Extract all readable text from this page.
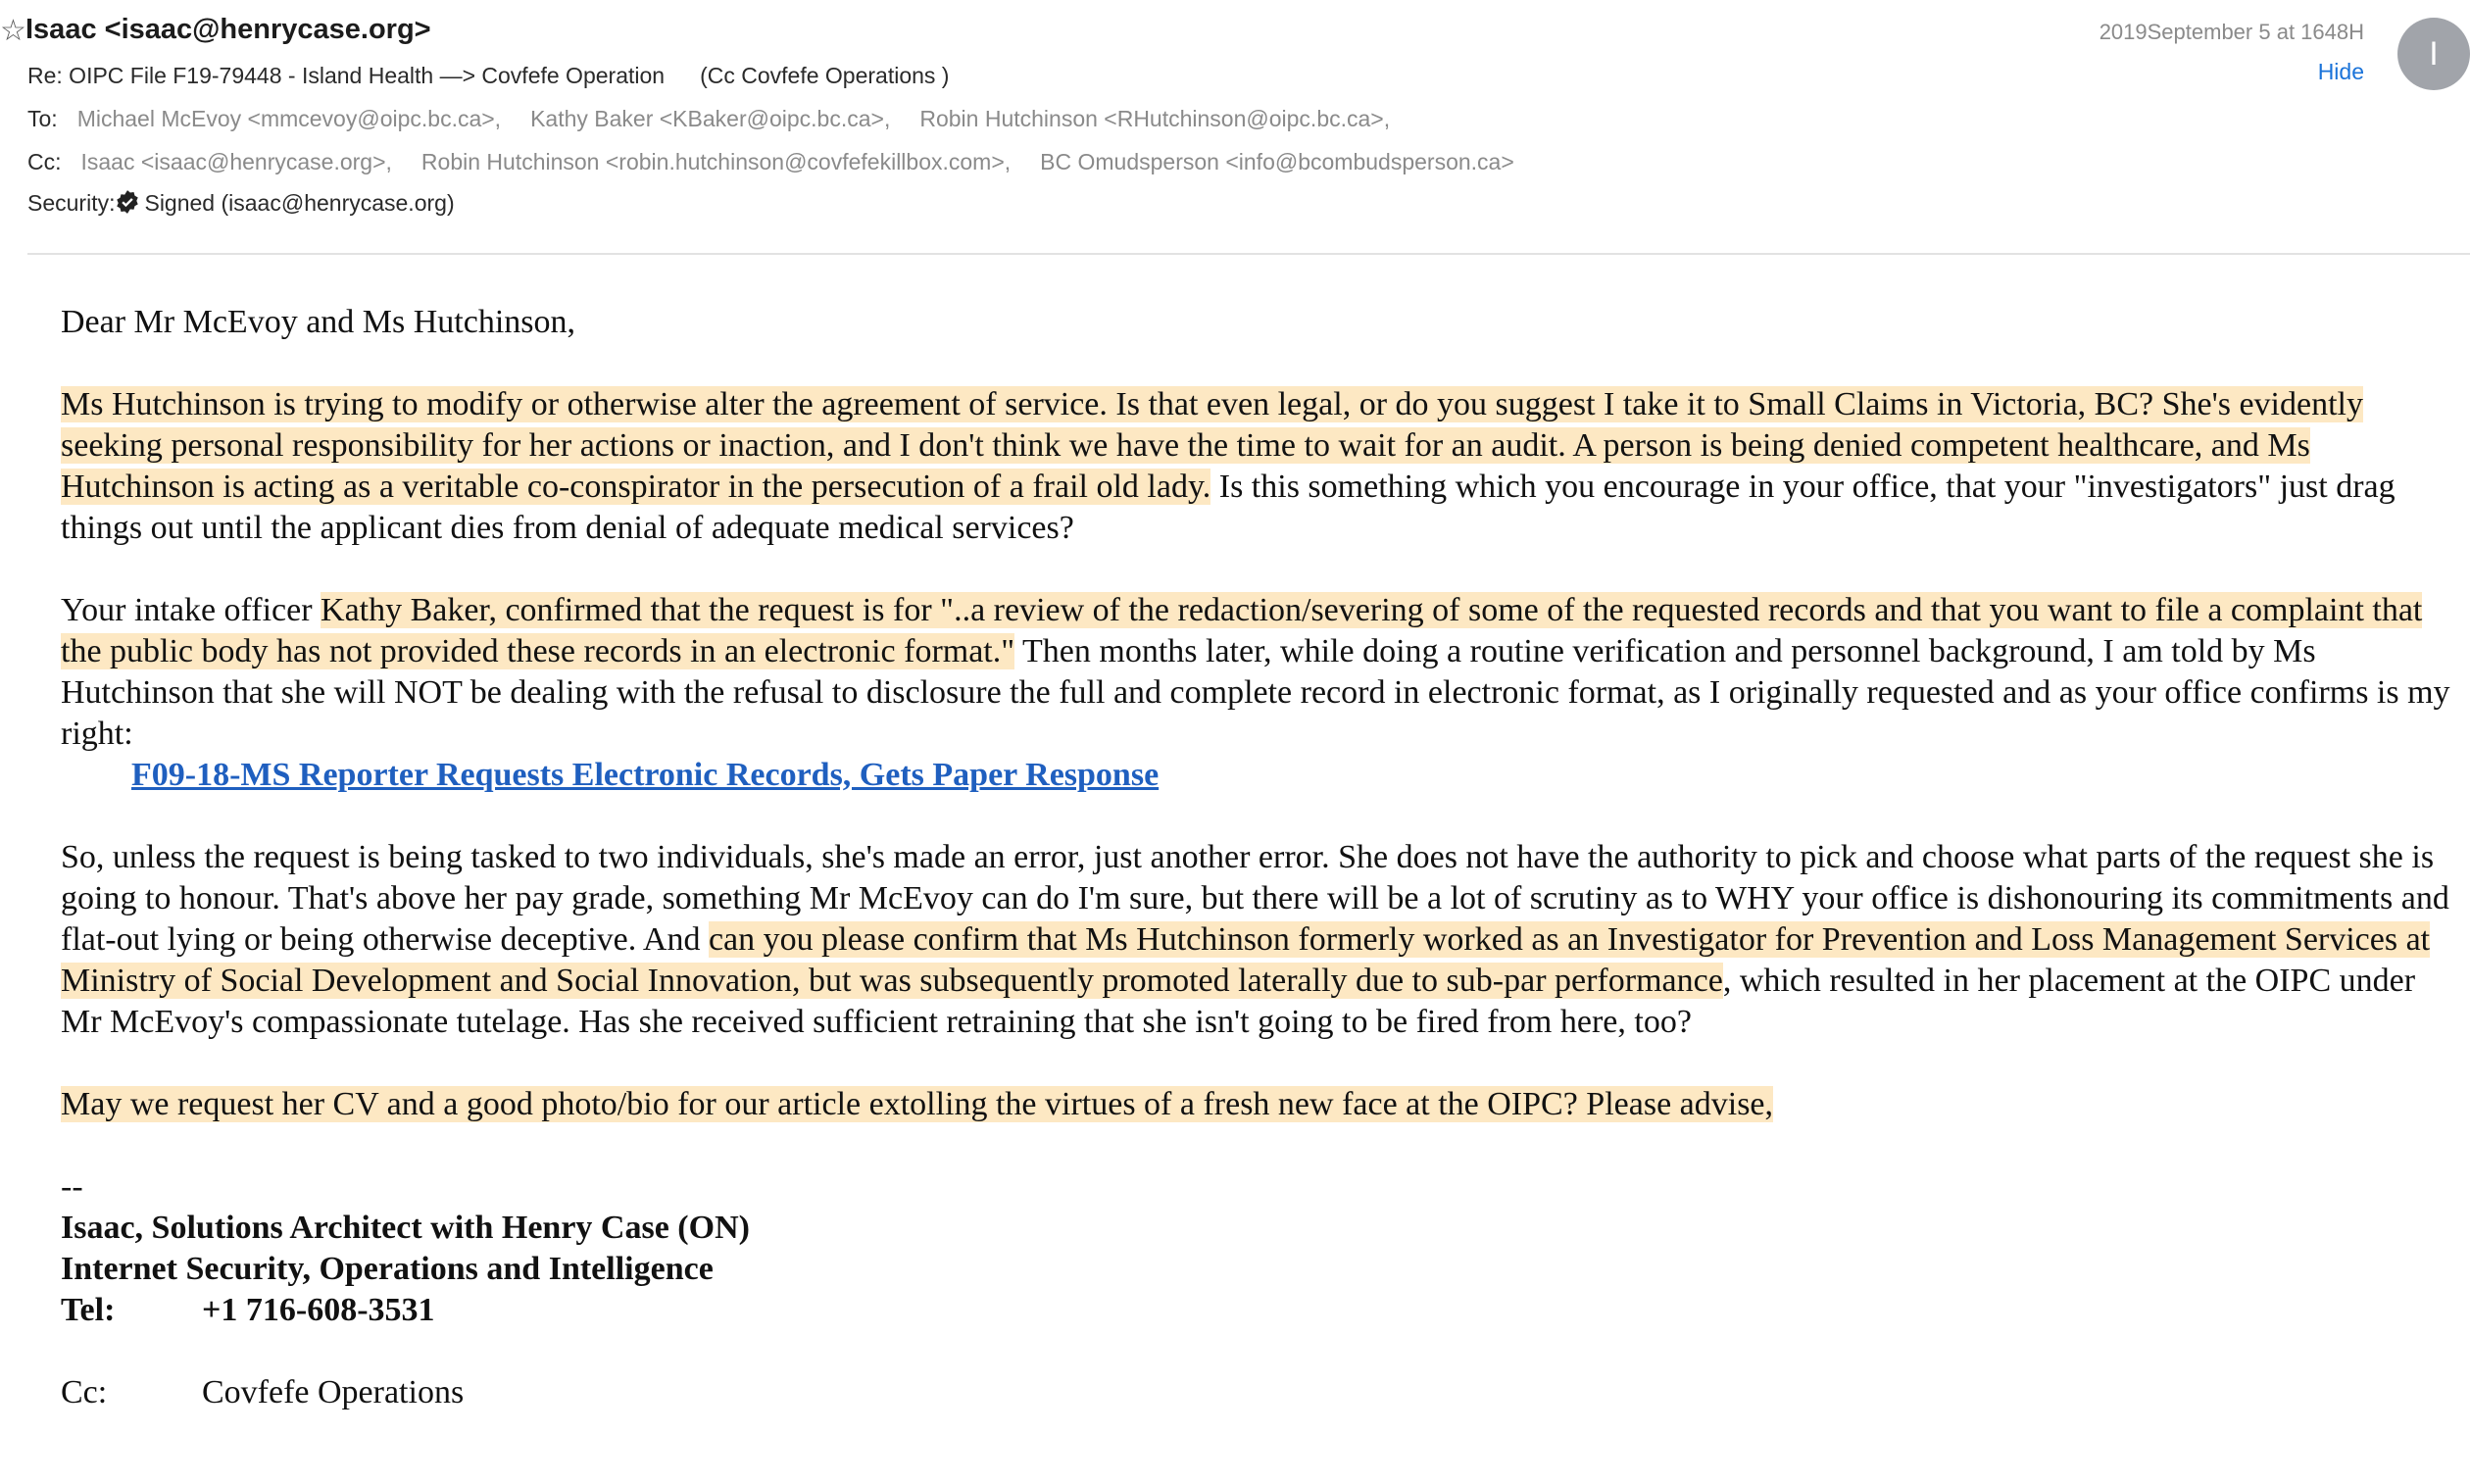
☆ Isaac <isaac@henrycase.org>	2019September 5 at 1648H
Hide	I
Re: OIPC File F19-79448 - Island Health —> Covfefe Operation (Cc Covfefe Operations )
To: Michael McEvoy <mmcevoy@oipc.bc.ca>, Kathy Baker <KBaker@oipc.bc.ca>, Robin Hutchinson <RHutchinson@oipc.bc.ca>,
Cc: Isaac <isaac@henrycase.org>, Robin Hutchinson <robin.hutchinson@covfefekillbox.com>, BC Omudsperson <info@bcombudsperson.ca>
Security: Signed (isaac@henrycase.org)

Dear Mr McEvoy and Ms Hutchinson,

Ms Hutchinson is trying to modify or otherwise alter the agreement of service. Is that even legal, or do you suggest I take it to Small Claims in Victoria, BC? She's evidently seeking personal responsibility for her actions or inaction, and I don't think we have the time to wait for an audit. A person is being denied competent healthcare, and Ms Hutchinson is acting as a veritable co-conspirator in the persecution of a frail old lady. Is this something which you encourage in your office, that your "investigators" just drag things out until the applicant dies from denial of adequate medical services?

Your intake officer Kathy Baker, confirmed that the request is for "..a review of the redaction/severing of some of the requested records and that you want to file a complaint that the public body has not provided these records in an electronic format." Then months later, while doing a routine verification and personnel background, I am told by Ms Hutchinson that she will NOT be dealing with the refusal to disclosure the full and complete record in electronic format, as I originally requested and as your office confirms is my right:

F09-18-MS Reporter Requests Electronic Records, Gets Paper Response

So, unless the request is being tasked to two individuals, she's made an error, just another error. She does not have the authority to pick and choose what parts of the request she is going to honour. That's above her pay grade, something Mr McEvoy can do I'm sure, but there will be a lot of scrutiny as to WHY your office is dishonouring its commitments and flat-out lying or being otherwise deceptive. And can you please confirm that Ms Hutchinson formerly worked as an Investigator for Prevention and Loss Management Services at Ministry of Social Development and Social Innovation, but was subsequently promoted laterally due to sub-par performance, which resulted in her placement at the OIPC under Mr McEvoy's compassionate tutelage. Has she received sufficient retraining that she isn't going to be fired from here, too?

May we request her CV and a good photo/bio for our article extolling the virtues of a fresh new face at the OIPC? Please advise,

--

Isaac, Solutions Architect with Henry Case (ON)

Internet Security, Operations and Intelligence

Tel:	+1 716-608-3531

Cc:	Covfefe Operations
